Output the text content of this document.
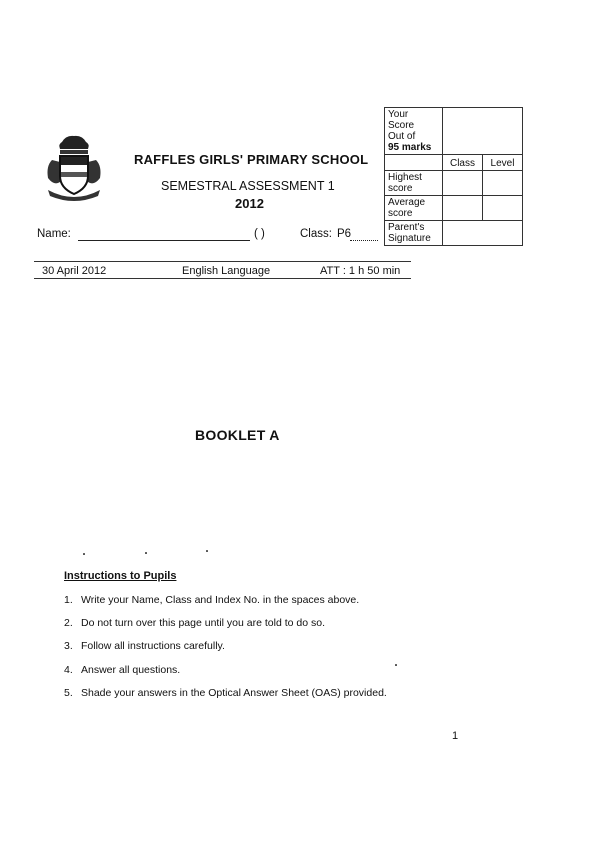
RAFFLES GIRLS' PRIMARY SCHOOL
SEMESTRAL ASSESSMENT 1
2012
Name:	( )	Class: P6
Your
Score
Out of
95 marks		

	Class	Level

Highest
score		

Average
score		

Parent's
Signature		

30 April 2012	English Language	ATT : 1 h 50 min
BOOKLET A
Instructions to Pupils
1. Write your Name, Class and Index No. in the spaces above.
2. Do not turn over this page until you are told to do so.
3. Follow all instructions carefully.
4. Answer all questions.
5. Shade your answers in the Optical Answer Sheet (OAS) provided.
1
